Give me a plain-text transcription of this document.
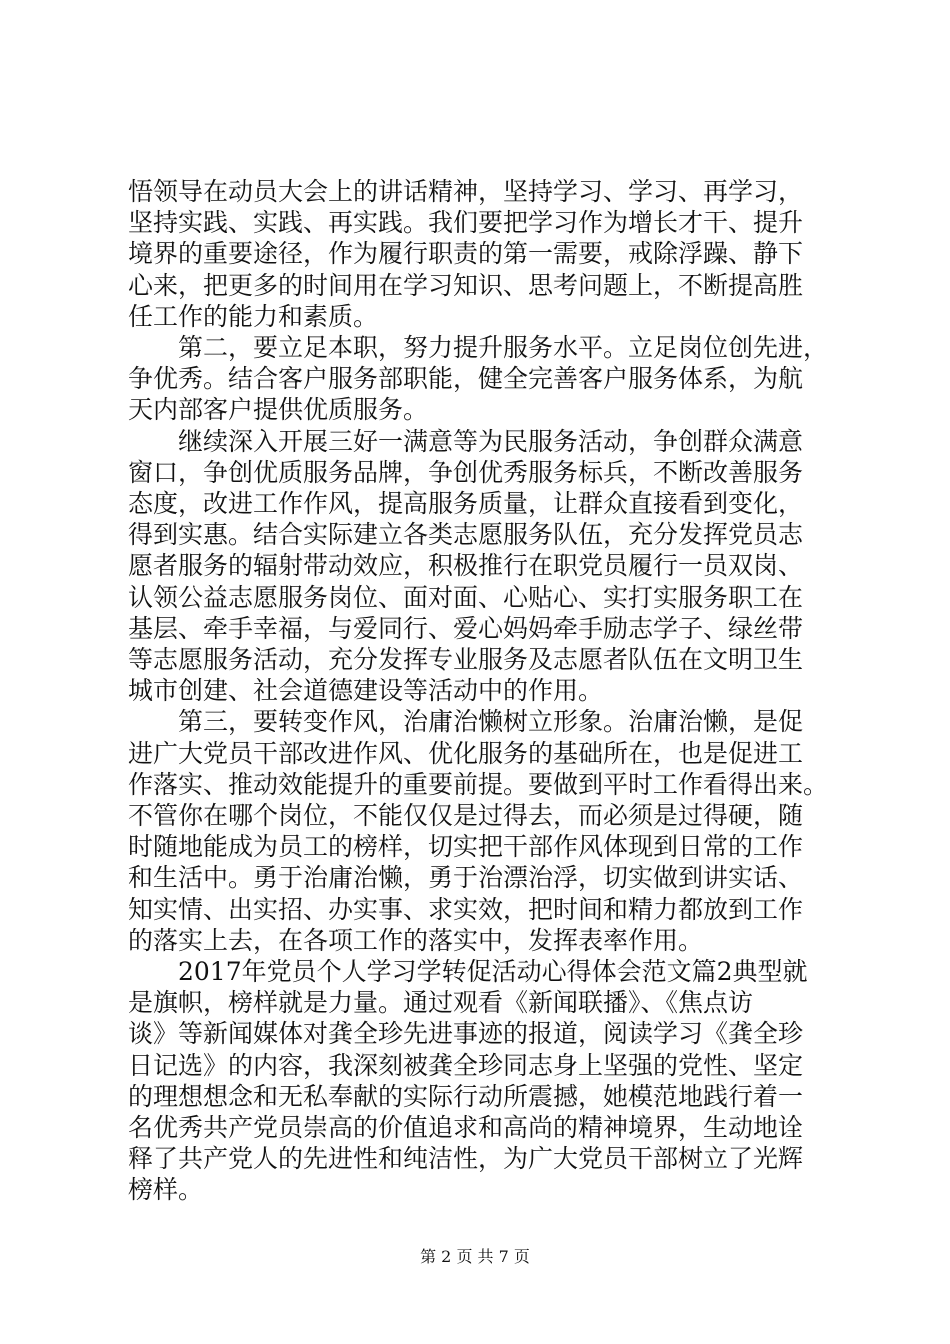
悟领导在动员大会上的讲话精神，坚持学习、学习、再学习，
坚持实践、实践、再实践。我们要把学习作为增长才干、提升
境界的重要途径，作为履行职责的第一需要，戒除浮躁、静下
心来，把更多的时间用在学习知识、思考问题上，不断提高胜
任工作的能力和素质。
　　第二，要立足本职，努力提升服务水平。立足岗位创先进，
争优秀。结合客户服务部职能，健全完善客户服务体系，为航
天内部客户提供优质服务。
　　继续深入开展三好一满意等为民服务活动，争创群众满意
窗口，争创优质服务品牌，争创优秀服务标兵，不断改善服务
态度，改进工作作风，提高服务质量，让群众直接看到变化，
得到实惠。结合实际建立各类志愿服务队伍，充分发挥党员志
愿者服务的辐射带动效应，积极推行在职党员履行一员双岗、
认领公益志愿服务岗位、面对面、心贴心、实打实服务职工在
基层、牵手幸福，与爱同行、爱心妈妈牵手励志学子、绿丝带
等志愿服务活动，充分发挥专业服务及志愿者队伍在文明卫生
城市创建、社会道德建设等活动中的作用。
　　第三，要转变作风，治庸治懒树立形象。治庸治懒，是促
进广大党员干部改进作风、优化服务的基础所在，也是促进工
作落实、推动效能提升的重要前提。要做到平时工作看得出来。
不管你在哪个岗位，不能仅仅是过得去，而必须是过得硬，随
时随地能成为员工的榜样，切实把干部作风体现到日常的工作
和生活中。勇于治庸治懒，勇于治漂治浮，切实做到讲实话、
知实情、出实招、办实事、求实效，把时间和精力都放到工作
的落实上去，在各项工作的落实中，发挥表率作用。
　　2017年党员个人学习学转促活动心得体会范文篇2典型就
是旗帜，榜样就是力量。通过观看《新闻联播》、《焦点访
谈》等新闻媒体对龚全珍先进事迹的报道，阅读学习《龚全珍
日记选》的内容，我深刻被龚全珍同志身上坚强的党性、坚定
的理想想念和无私奉献的实际行动所震撼，她模范地践行着一
名优秀共产党员崇高的价值追求和高尚的精神境界，生动地诠
释了共产党人的先进性和纯洁性，为广大党员干部树立了光辉
榜样。
第 2 页 共 7 页
